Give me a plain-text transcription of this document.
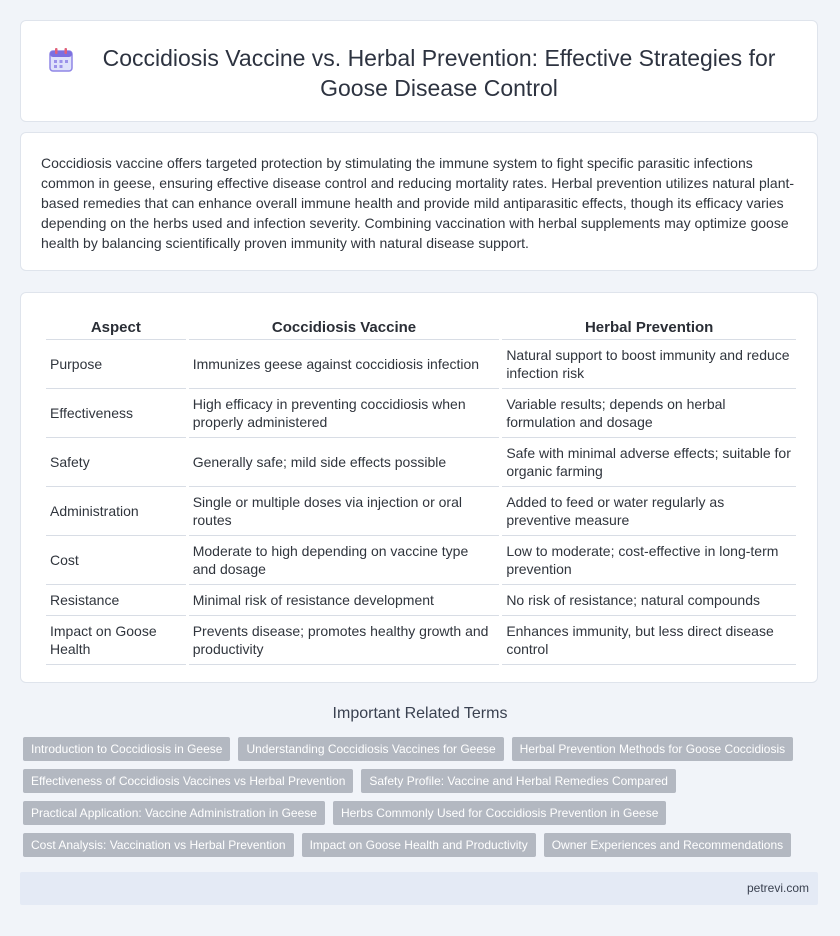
Coccidiosis Vaccine vs. Herbal Prevention: Effective Strategies for Goose Disease Control
Coccidiosis vaccine offers targeted protection by stimulating the immune system to fight specific parasitic infections common in geese, ensuring effective disease control and reducing mortality rates. Herbal prevention utilizes natural plant-based remedies that can enhance overall immune health and provide mild antiparasitic effects, though its efficacy varies depending on the herbs used and infection severity. Combining vaccination with herbal supplements may optimize goose health by balancing scientifically proven immunity with natural disease support.
Aspect	Coccidiosis Vaccine	Herbal Prevention
Purpose	Immunizes geese against coccidiosis infection	Natural support to boost immunity and reduce infection risk
Effectiveness	High efficacy in preventing coccidiosis when properly administered	Variable results; depends on herbal formulation and dosage
Safety	Generally safe; mild side effects possible	Safe with minimal adverse effects; suitable for organic farming
Administration	Single or multiple doses via injection or oral routes	Added to feed or water regularly as preventive measure
Cost	Moderate to high depending on vaccine type and dosage	Low to moderate; cost-effective in long-term prevention
Resistance	Minimal risk of resistance development	No risk of resistance; natural compounds
Impact on Goose Health	Prevents disease; promotes healthy growth and productivity	Enhances immunity, but less direct disease control
Important Related Terms
Introduction to Coccidiosis in Geese	Understanding Coccidiosis Vaccines for Geese	Herbal Prevention Methods for Goose Coccidiosis
Effectiveness of Coccidiosis Vaccines vs Herbal Prevention	Safety Profile: Vaccine and Herbal Remedies Compared
Practical Application: Vaccine Administration in Geese	Herbs Commonly Used for Coccidiosis Prevention in Geese
Cost Analysis: Vaccination vs Herbal Prevention	Impact on Goose Health and Productivity	Owner Experiences and Recommendations
petrevi.com
